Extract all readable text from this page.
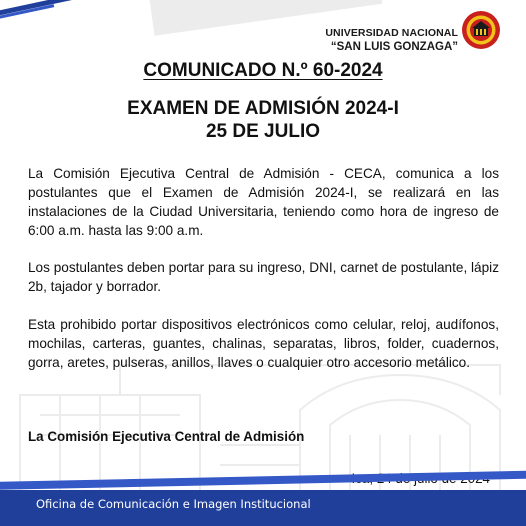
UNIVERSIDAD NACIONAL
“SAN LUIS GONZAGA”
COMUNICADO N.º 60-2024
EXAMEN DE ADMISIÓN 2024-I
25 DE JULIO
La Comisión Ejecutiva Central de Admisión - CECA, comunica a los postulantes que el Examen de Admisión 2024-I, se realizará en las instalaciones de la Ciudad Universitaria, teniendo como hora de ingreso de 6:00 a.m. hasta las 9:00 a.m.
Los postulantes deben portar para su ingreso, DNI, carnet de postulante, lápiz 2b, tajador y borrador.
Esta prohibido portar dispositivos electrónicos como celular, reloj, audífonos, mochilas, carteras, guantes, chalinas, separatas, libros, folder, cuadernos, gorra, aretes, pulseras, anillos, llaves o cualquier otro accesorio metálico.
La Comisión Ejecutiva Central de Admisión
Oficina de Comunicación e Imagen Institucional
